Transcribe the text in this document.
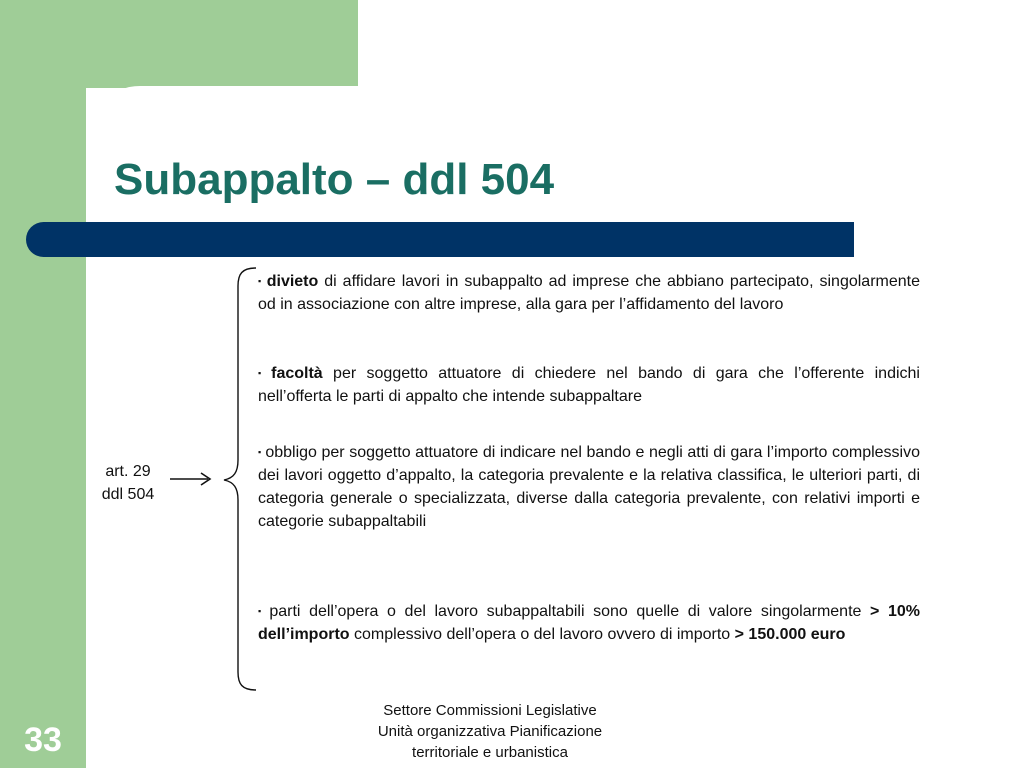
Subappalto – ddl 504
art. 29
ddl 504
▪ divieto di affidare lavori in subappalto ad imprese che abbiano partecipato, singolarmente od in associazione con altre imprese, alla gara per l’affidamento del lavoro
▪ facoltà per soggetto attuatore di chiedere nel bando di gara che l’offerente indichi nell’offerta le parti di appalto che intende subappaltare
▪ obbligo per soggetto attuatore di indicare nel bando e negli atti di gara l’importo complessivo dei lavori oggetto d’appalto, la categoria prevalente e la relativa classifica, le ulteriori parti, di categoria generale o specializzata, diverse dalla categoria prevalente, con relativi importi e categorie subappaltabili
▪ parti dell’opera o del lavoro subappaltabili sono quelle di valore singolarmente > 10% dell’importo complessivo dell’opera o del lavoro ovvero di importo > 150.000 euro
Settore Commissioni Legislative
Unità organizzativa Pianificazione
territoriale e urbanistica
33
